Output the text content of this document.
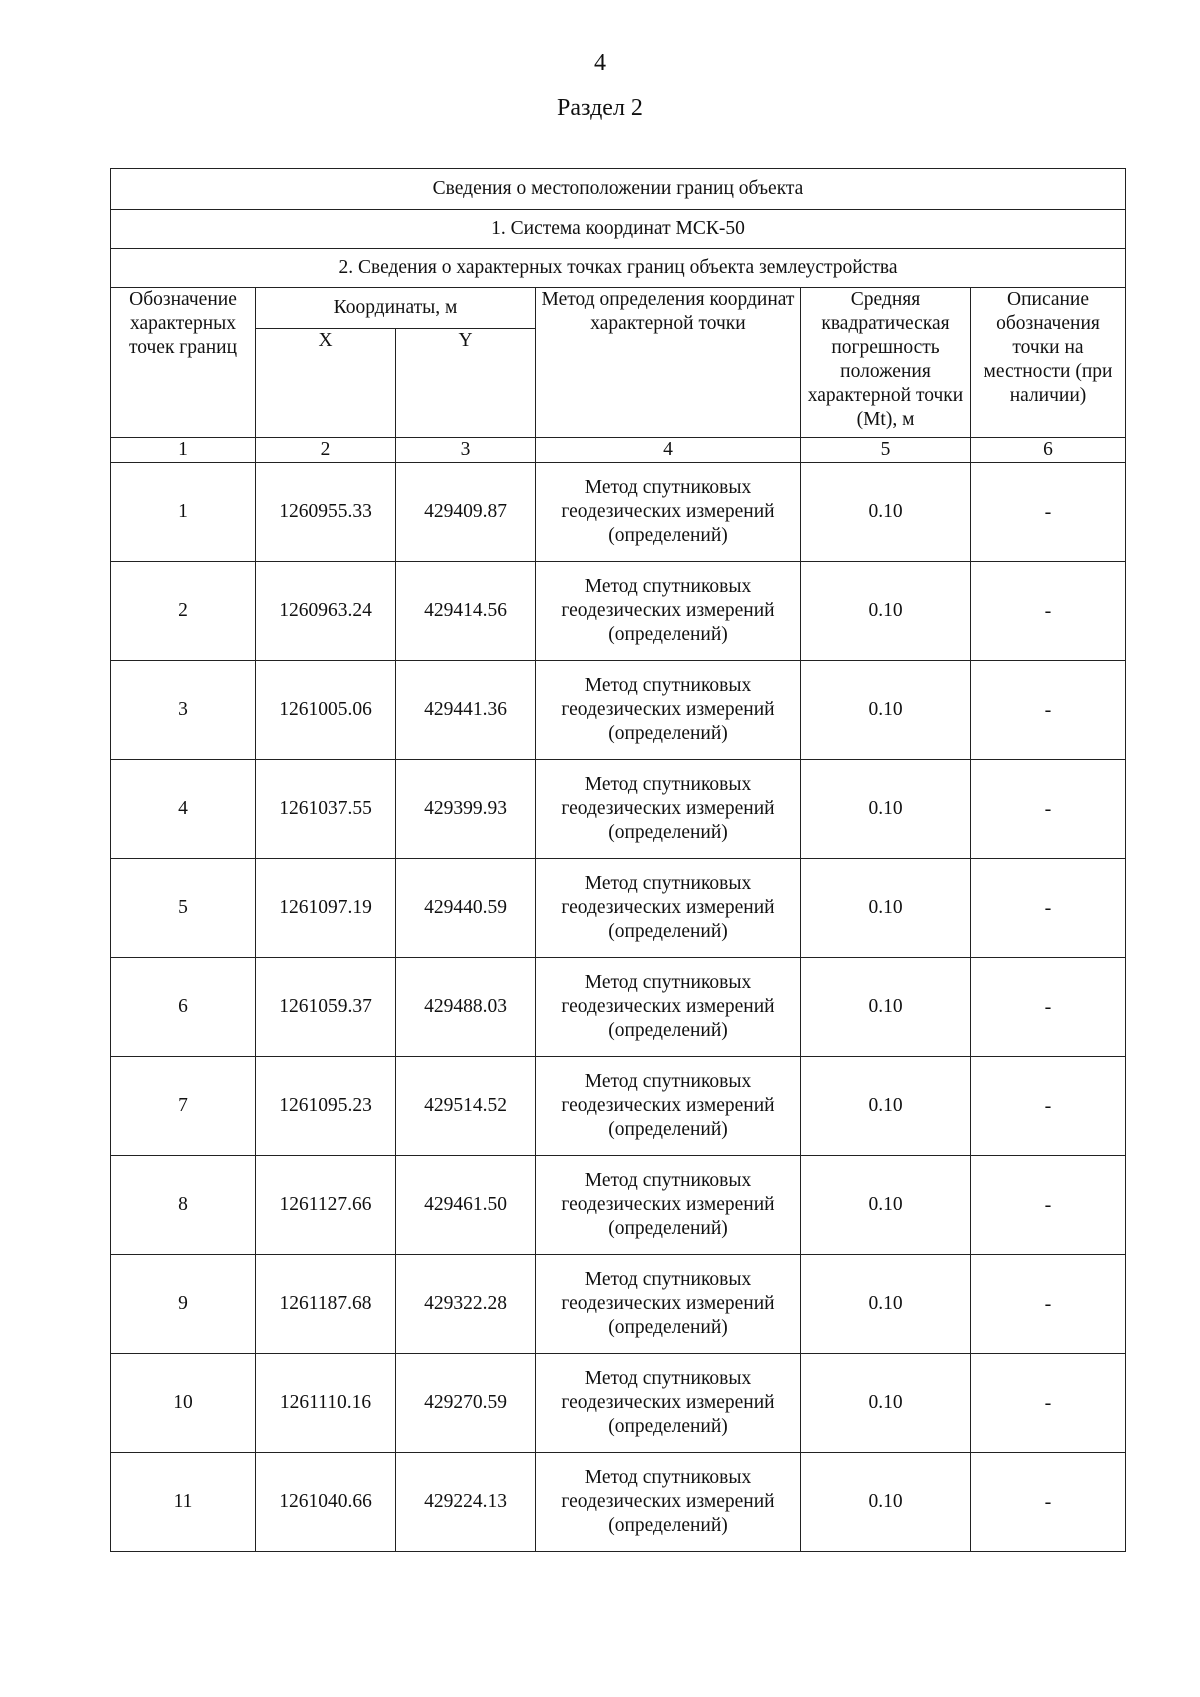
4
Раздел 2
Сведения о местоположении границ объекта					
1. Система координат МСК-50					
2. Сведения о характерных точках границ объекта землеустройства					
Обозначение характерных точек границ	Координаты, м		Метод определения координат характерной точки	Средняя квадратическая погрешность положения характерной точки (Mt), м	Описание обозначения точки на местности (при наличии)
	X	Y			
1	2	3	4	5	6
1	1260955.33	429409.87	Метод спутниковых геодезических измерений (определений)	0.10	-
2	1260963.24	429414.56	Метод спутниковых геодезических измерений (определений)	0.10	-
3	1261005.06	429441.36	Метод спутниковых геодезических измерений (определений)	0.10	-
4	1261037.55	429399.93	Метод спутниковых геодезических измерений (определений)	0.10	-
5	1261097.19	429440.59	Метод спутниковых геодезических измерений (определений)	0.10	-
6	1261059.37	429488.03	Метод спутниковых геодезических измерений (определений)	0.10	-
7	1261095.23	429514.52	Метод спутниковых геодезических измерений (определений)	0.10	-
8	1261127.66	429461.50	Метод спутниковых геодезических измерений (определений)	0.10	-
9	1261187.68	429322.28	Метод спутниковых геодезических измерений (определений)	0.10	-
10	1261110.16	429270.59	Метод спутниковых геодезических измерений (определений)	0.10	-
11	1261040.66	429224.13	Метод спутниковых геодезических измерений (определений)	0.10	-
